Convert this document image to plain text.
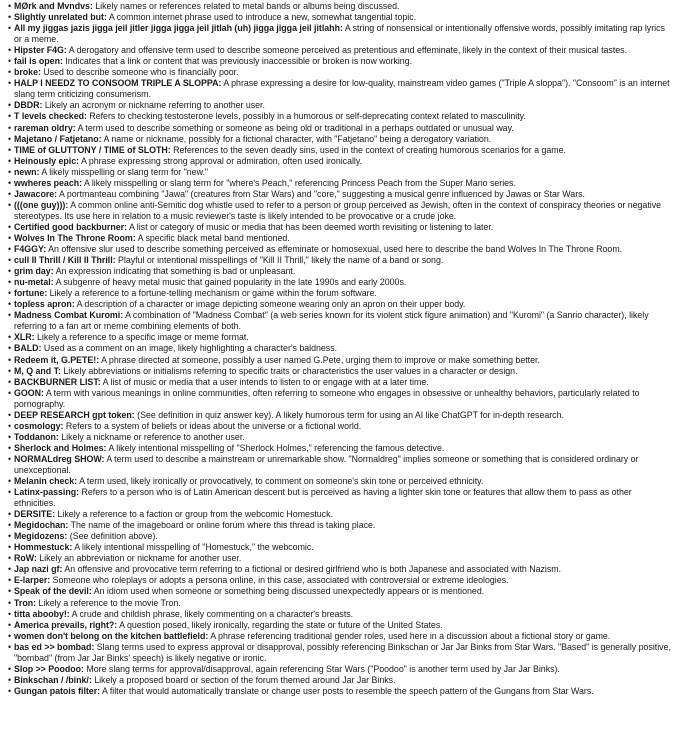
• MØrk and Mvndvs: Likely names or references related to metal bands or albums being discussed.
• Slightly unrelated but: A common internet phrase used to introduce a new, somewhat tangential topic.
• All my jiggas jazis jigga jeil jitler jigga jigga jeil jitlah (uh) jigga jigga jeil jitlahh: A string of nonsensical or intentionally offensive words, possibly imitating rap lyrics or a meme.
• Hipster F4G: A derogatory and offensive term used to describe someone perceived as pretentious and effeminate, likely in the context of their musical tastes.
• fail is open: Indicates that a link or content that was previously inaccessible or broken is now working.
• broke: Used to describe someone who is financially poor.
• HALP I NEEDZ TO CONSOOM TRIPLE A SLOPPA: A phrase expressing a desire for low-quality, mainstream video games ("Triple A sloppa"). "Consoom" is an internet slang term criticizing consumerism.
• DBDR: Likely an acronym or nickname referring to another user.
• T levels checked: Refers to checking testosterone levels, possibly in a humorous or self-deprecating context related to masculinity.
• rareman oldry: A term used to describe something or someone as being old or traditional in a perhaps outdated or unusual way.
• Majetano / Fatjetano: A name or nickname, possibly for a fictional character, with "Fatjetano" being a derogatory variation.
• TIME of GLUTTONY / TIME of SLOTH: References to the seven deadly sins, used in the context of creating humorous scenarios for a game.
• Heinously epic: A phrase expressing strong approval or admiration, often used ironically.
• newn: A likely misspelling or slang term for "new."
• wwheres peach: A likely misspelling or slang term for "where's Peach," referencing Princess Peach from the Super Mario series.
• Jawacore: A portmanteau combining "Jawa" (creatures from Star Wars) and "core," suggesting a musical genre influenced by Jawas or Star Wars.
• (((one guy))): A common online anti-Semitic dog whistle used to refer to a person or group perceived as Jewish, often in the context of conspiracy theories or negative stereotypes. Its use here in relation to a music reviewer's taste is likely intended to be provocative or a crude joke.
• Certified good backburner: A list or category of music or media that has been deemed worth revisiting or listening to later.
• Wolves In The Throne Room: A specific black metal band mentioned.
• F4GGY: An offensive slur used to describe something perceived as effeminate or homosexual, used here to describe the band Wolves In The Throne Room.
• cull II Thrill / Kill II Thrill: Playful or intentional misspellings of "Kill II Thrill," likely the name of a band or song.
• grim day: An expression indicating that something is bad or unpleasant.
• nu-metal: A subgenre of heavy metal music that gained popularity in the late 1990s and early 2000s.
• fortune: Likely a reference to a fortune-telling mechanism or game within the forum software.
• topless apron: A description of a character or image depicting someone wearing only an apron on their upper body.
• Madness Combat Kuromi: A combination of "Madness Combat" (a web series known for its violent stick figure animation) and "Kuromi" (a Sanrio character), likely referring to a fan art or meme combining elements of both.
• XLR: Likely a reference to a specific image or meme format.
• BALD: Used as a comment on an image, likely highlighting a character's baldness.
• Redeem it, G.PETE!: A phrase directed at someone, possibly a user named G.Pete, urging them to improve or make something better.
• M, Q and T: Likely abbreviations or initialisms referring to specific traits or characteristics the user values in a character or design.
• BACKBURNER LIST: A list of music or media that a user intends to listen to or engage with at a later time.
• GOON: A term with various meanings in online communities, often referring to someone who engages in obsessive or unhealthy behaviors, particularly related to pornography.
• DEEP RESEARCH gpt token: (See definition in quiz answer key). A likely humorous term for using an AI like ChatGPT for in-depth research.
• cosmology: Refers to a system of beliefs or ideas about the universe or a fictional world.
• Toddanon: Likely a nickname or reference to another user.
• Sherlock and Holmes: A likely intentional misspelling of "Sherlock Holmes," referencing the famous detective.
• NORMALdreg SHOW: A term used to describe a mainstream or unremarkable show. "Normaldreg" implies someone or something that is considered ordinary or unexceptional.
• Melanin check: A term used, likely ironically or provocatively, to comment on someone's skin tone or perceived ethnicity.
• Latinx-passing: Refers to a person who is of Latin American descent but is perceived as having a lighter skin tone or features that allow them to pass as other ethnicities.
• DERSITE: Likely a reference to a faction or group from the webcomic Homestuck.
• Megidochan: The name of the imageboard or online forum where this thread is taking place.
• Megidozens: (See definition above).
• Hommestuck: A likely intentional misspelling of "Homestuck," the webcomic.
• RoW: Likely an abbreviation or nickname for another user.
• Jap nazi gf: An offensive and provocative term referring to a fictional or desired girlfriend who is both Japanese and associated with Nazism.
• E-larper: Someone who roleplays or adopts a persona online, in this case, associated with controversial or extreme ideologies.
• Speak of the devil: An idiom used when someone or something being discussed unexpectedly appears or is mentioned.
• Tron: Likely a reference to the movie Tron.
• titta abooby!: A crude and childish phrase, likely commenting on a character's breasts.
• America prevails, right?: A question posed, likely ironically, regarding the state or future of the United States.
• women don't belong on the kitchen battlefield: A phrase referencing traditional gender roles, used here in a discussion about a fictional story or game.
• bas ed >> bombad: Slang terms used to express approval or disapproval, possibly referencing Binkschan or Jar Jar Binks from Star Wars. "Based" is generally positive, "bombad" (from Jar Jar Binks' speech) is likely negative or ironic.
• Slop >> Poodoo: More slang terms for approval/disapproval, again referencing Star Wars ("Poodoo" is another term used by Jar Jar Binks).
• Binkschan / /bink/: Likely a proposed board or section of the forum themed around Jar Jar Binks.
• Gungan patois filter: A filter that would automatically translate or change user posts to resemble the speech pattern of the Gungans from Star Wars.
